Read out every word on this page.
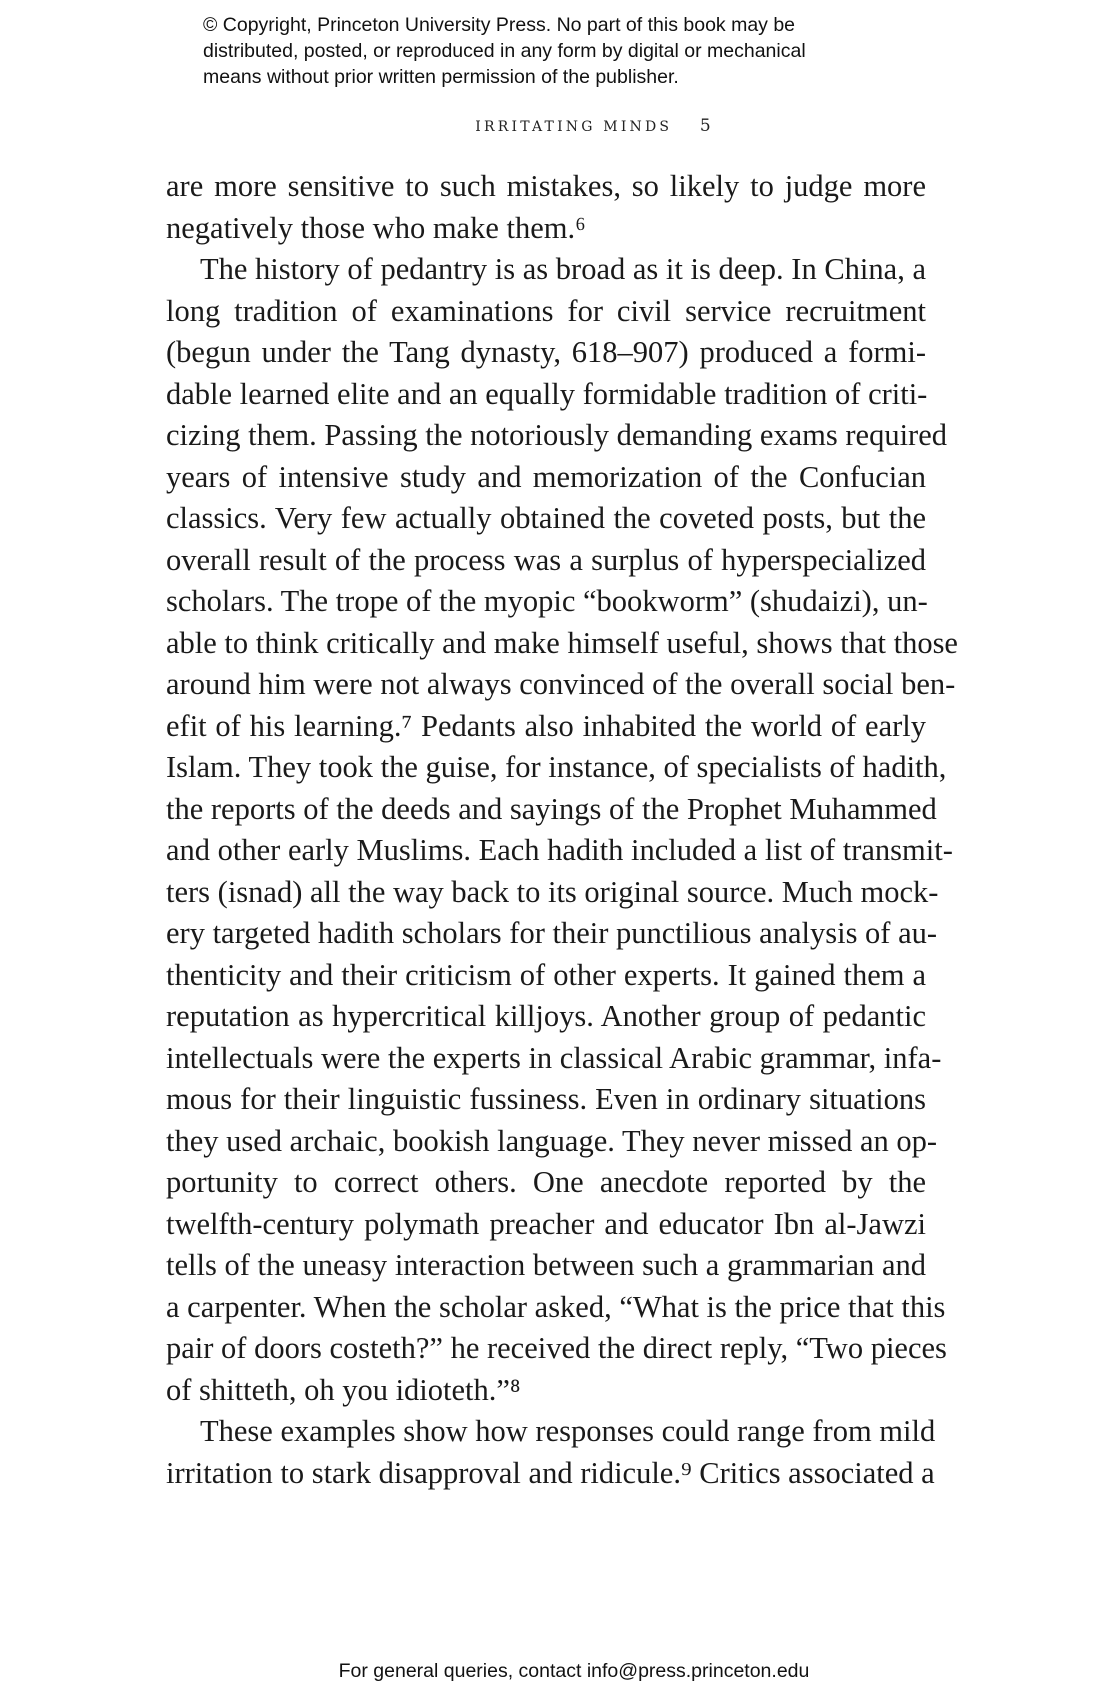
© Copyright, Princeton University Press. No part of this book may be
distributed, posted, or reproduced in any form by digital or mechanical
means without prior written permission of the publisher.
IRRITATING MINDS 5
are more sensitive to such mistakes, so likely to judge more
negatively those who make them.⁶
The history of pedantry is as broad as it is deep. In China, a
long tradition of examinations for civil service recruitment
(begun under the Tang dynasty, 618–907) produced a formi-
dable learned elite and an equally formidable tradition of criti-
cizing them. Passing the notoriously demanding exams required
years of intensive study and memorization of the Confucian
classics. Very few actually obtained the coveted posts, but the
overall result of the process was a surplus of hyperspecialized
scholars. The trope of the myopic “bookworm” (shudaizi), un-
able to think critically and make himself useful, shows that those
around him were not always convinced of the overall social ben-
efit of his learning.⁷ Pedants also inhabited the world of early
Islam. They took the guise, for instance, of specialists of hadith,
the reports of the deeds and sayings of the Prophet Muhammed
and other early Muslims. Each hadith included a list of transmit-
ters (isnad) all the way back to its original source. Much mock-
ery targeted hadith scholars for their punctilious analysis of au-
thenticity and their criticism of other experts. It gained them a
reputation as hypercritical killjoys. Another group of pedantic
intellectuals were the experts in classical Arabic grammar, infa-
mous for their linguistic fussiness. Even in ordinary situations
they used archaic, bookish language. They never missed an op-
portunity to correct others. One anecdote reported by the
twelfth-century polymath preacher and educator Ibn al-Jawzi
tells of the uneasy interaction between such a grammarian and
a carpenter. When the scholar asked, “What is the price that this
pair of doors costeth?” he received the direct reply, “Two pieces
of shitteth, oh you idioteth.”⁸
These examples show how responses could range from mild
irritation to stark disapproval and ridicule.⁹ Critics associated a
For general queries, contact info@press.princeton.edu
